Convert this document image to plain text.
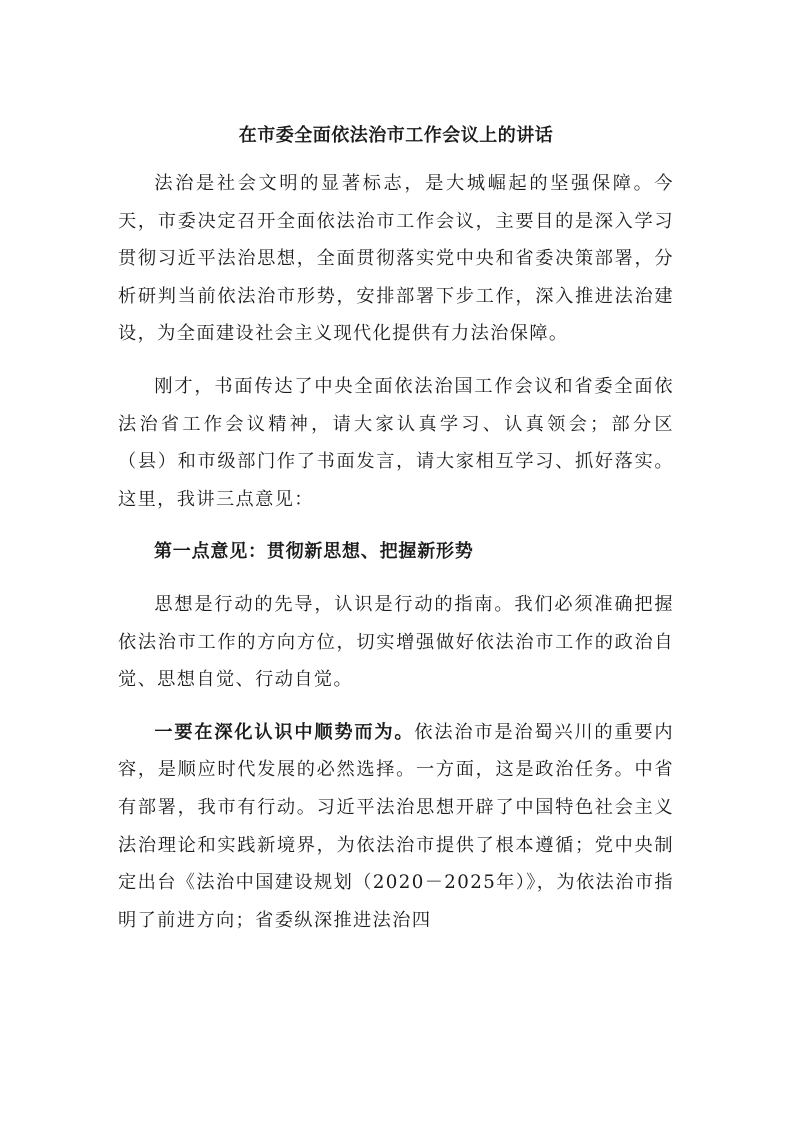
在市委全面依法治市工作会议上的讲话

法治是社会文明的显著标志，是大城崛起的坚强保障。今天，市委决定召开全面依法治市工作会议，主要目的是深入学习贯彻习近平法治思想，全面贯彻落实党中央和省委决策部署，分析研判当前依法治市形势，安排部署下步工作，深入推进法治建设，为全面建设社会主义现代化提供有力法治保障。

刚才，书面传达了中央全面依法治国工作会议和省委全面依法治省工作会议精神，请大家认真学习、认真领会；部分区（县）和市级部门作了书面发言，请大家相互学习、抓好落实。这里，我讲三点意见：

第一点意见：贯彻新思想、把握新形势

思想是行动的先导，认识是行动的指南。我们必须准确把握依法治市工作的方向方位，切实增强做好依法治市工作的政治自觉、思想自觉、行动自觉。

一要在深化认识中顺势而为。依法治市是治蜀兴川的重要内容，是顺应时代发展的必然选择。一方面，这是政治任务。中省有部署，我市有行动。习近平法治思想开辟了中国特色社会主义法治理论和实践新境界，为依法治市提供了根本遵循；党中央制定出台《法治中国建设规划（2020－2025年）》，为依法治市指明了前进方向；省委纵深推进法治四
